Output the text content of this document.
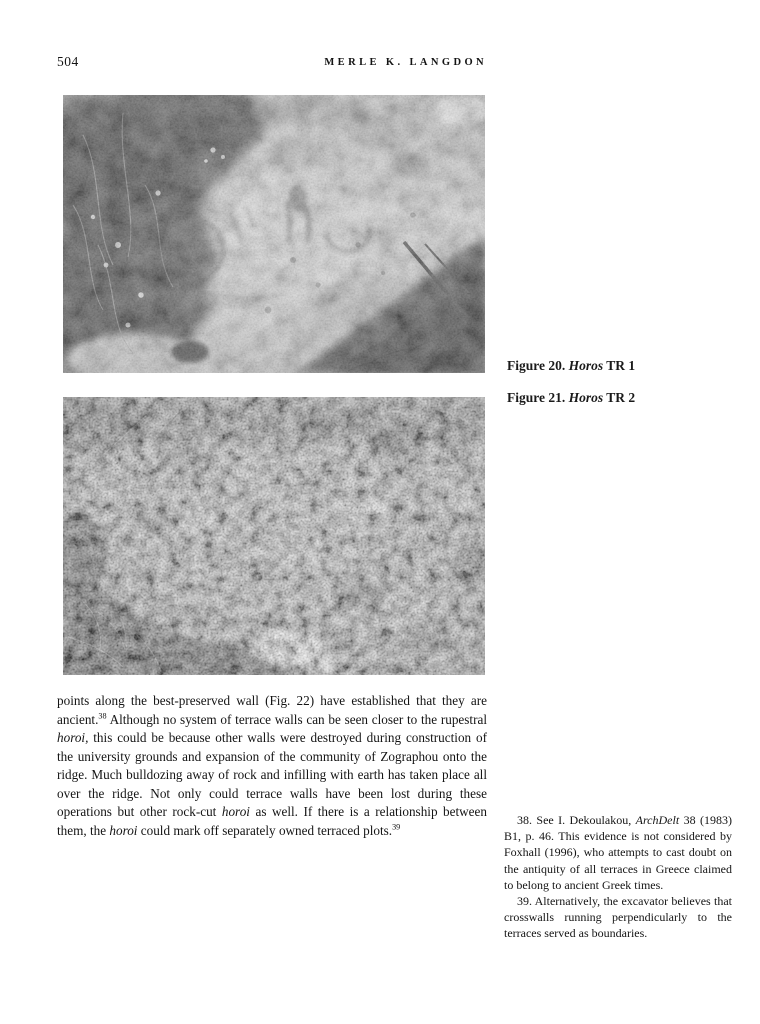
504	MERLE K. LANGDON
Figure 20. Horos TR 1
Figure 21. Horos TR 2
points along the best-preserved wall (Fig. 22) have established that they are ancient.$^{38}$ Although no system of terrace walls can be seen closer to the rupestral horoi, this could be because other walls were destroyed during construction of the university grounds and expansion of the community of Zographou onto the ridge. Much bulldozing away of rock and infilling with earth has taken place all over the ridge. Not only could terrace walls have been lost during these operations but other rock-cut horoi as well. If there is a relationship between them, the horoi could mark off separately owned terraced plots.$^{39}$	38. See I. Dekoulakou, ArchDelt 38 (1983) B1, p. 46. This evidence is not considered by Foxhall (1996), who attempts to cast doubt on the antiquity of all terraces in Greece claimed to belong to ancient Greek times.

39. Alternatively, the excavator believes that crosswalls running perpendicularly to the terraces served as boundaries.
